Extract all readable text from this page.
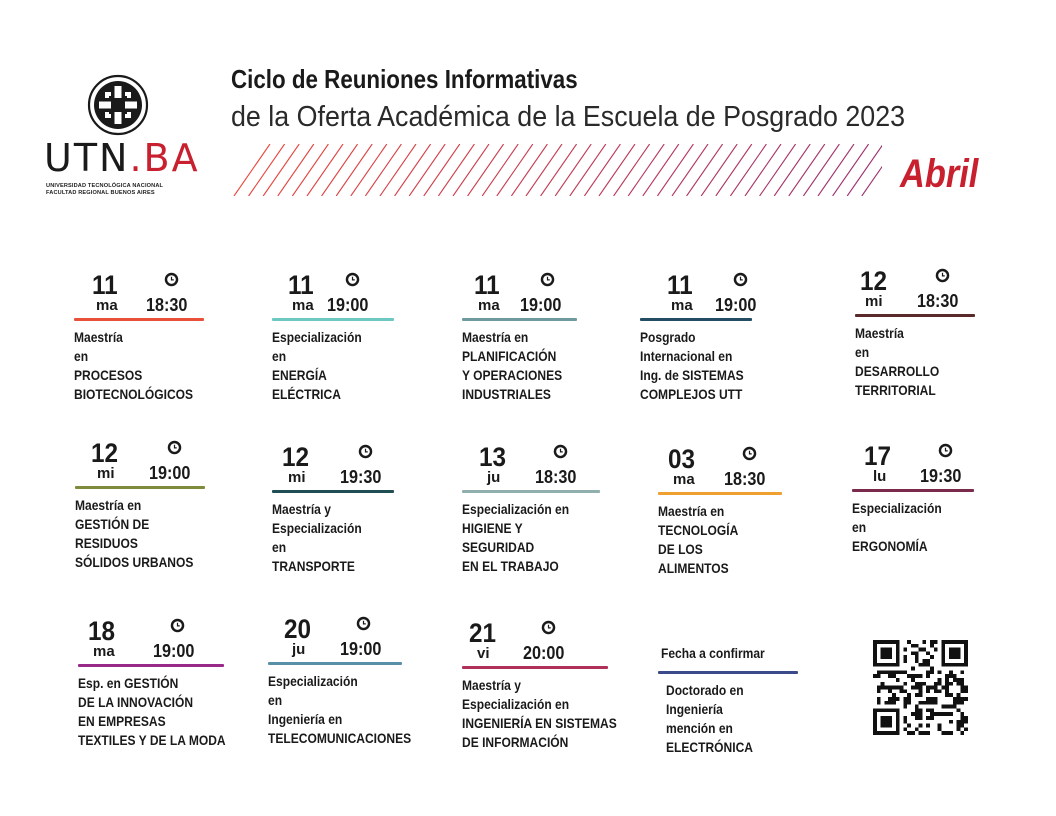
UTN.BA
UNIVERSIDAD TECNOLÓGICA NACIONAL
FACULTAD REGIONAL BUENOS AIRES
Ciclo de Reuniones Informativas
de la Oferta Académica de la Escuela de Posgrado 2023
Abril
11
ma 18:30
Maestría
en
PROCESOS
BIOTECNOLÓGICOS
11
ma 19:00
Especialización
en
ENERGÍA
ELÉCTRICA
11
ma 19:00
Maestría en
PLANIFICACIÓN
Y OPERACIONES
INDUSTRIALES
11
ma 19:00
Posgrado
Internacional en
Ing. de SISTEMAS
COMPLEJOS UTT
12
mi 18:30
Maestría
en
DESARROLLO
TERRITORIAL
12
mi 19:00
Maestría en
GESTIÓN DE
RESIDUOS
SÓLIDOS URBANOS
12
mi 19:30
Maestría y
Especialización
en
TRANSPORTE
13
ju 18:30
Especialización en
HIGIENE Y
SEGURIDAD
EN EL TRABAJO
03
ma 18:30
Maestría en
TECNOLOGÍA
DE LOS
ALIMENTOS
17
lu 19:30
Especialización
en
ERGONOMÍA
18
ma 19:00
Esp. en GESTIÓN
DE LA INNOVACIÓN
EN EMPRESAS
TEXTILES Y DE LA MODA
20
ju 19:00
Especialización
en
Ingeniería en
TELECOMUNICACIONES
21
vi 20:00
Maestría y
Especialización en
INGENIERÍA EN SISTEMAS
DE INFORMACIÓN
Fecha a confirmar
Doctorado en
Ingeniería
mención en
ELECTRÓNICA
